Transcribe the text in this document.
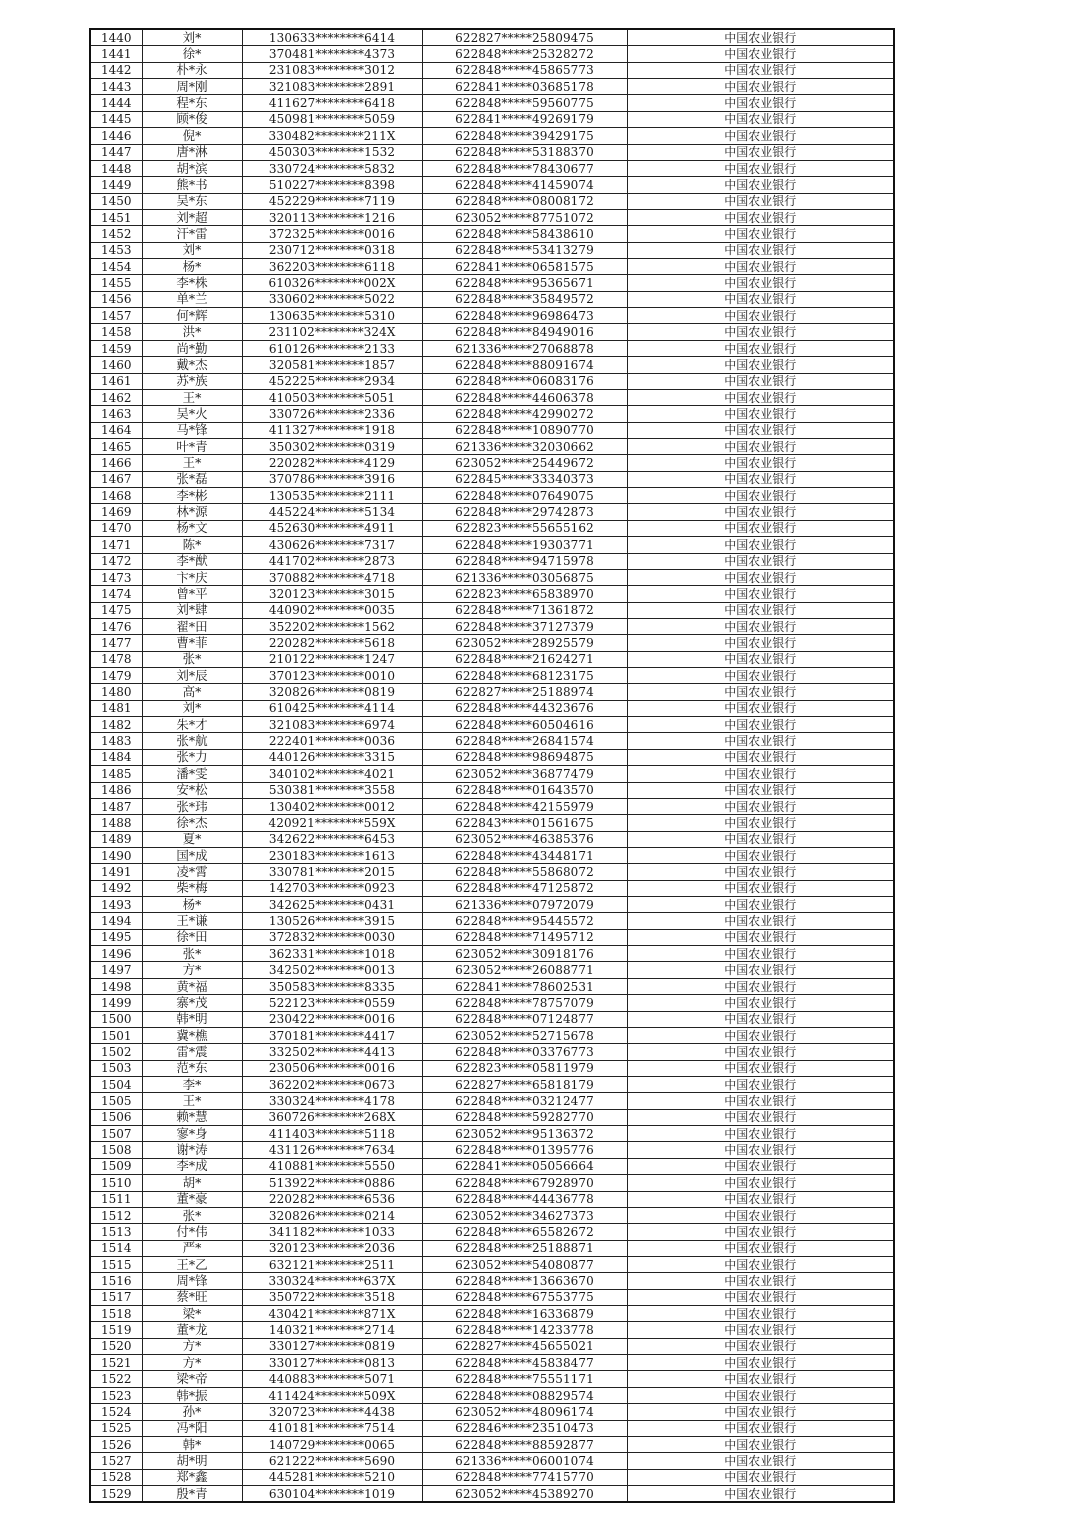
1440	刘*	130633********6414	622827*****25809475	中国农业银行
1441	徐*	370481********4373	622848*****25328272	中国农业银行
1442	朴*永	231083********3012	622848*****45865773	中国农业银行
1443	周*刚	321083********2891	622841*****03685178	中国农业银行
1444	程*东	411627********6418	622848*****59560775	中国农业银行
1445	顾*俊	450981********5059	622841*****49269179	中国农业银行
1446	倪*	330482********211X	622848*****39429175	中国农业银行
1447	唐*淋	450303********1532	622848*****53188370	中国农业银行
1448	胡*滨	330724********5832	622848*****78430677	中国农业银行
1449	熊*书	510227********8398	622848*****41459074	中国农业银行
1450	吴*东	452229********7119	622848*****08008172	中国农业银行
1451	刘*超	320113********1216	623052*****87751072	中国农业银行
1452	汗*雷	372325********0016	622848*****58438610	中国农业银行
1453	刘*	230712********0318	622848*****53413279	中国农业银行
1454	杨*	362203********6118	622841*****06581575	中国农业银行
1455	李*株	610326********002X	622848*****95365671	中国农业银行
1456	单*兰	330602********5022	622848*****35849572	中国农业银行
1457	何*辉	130635********5310	622848*****96986473	中国农业银行
1458	洪*	231102********324X	622848*****84949016	中国农业银行
1459	尚*勤	610126********2133	621336*****27068878	中国农业银行
1460	戴*杰	320581********1857	622848*****88091674	中国农业银行
1461	苏*族	452225********2934	622848*****06083176	中国农业银行
1462	王*	410503********5051	622848*****44606378	中国农业银行
1463	吴*火	330726********2336	622848*****42990272	中国农业银行
1464	马*锋	411327********1918	622848*****10890770	中国农业银行
1465	叶*青	350302********0319	621336*****32030662	中国农业银行
1466	王*	220282********4129	623052*****25449672	中国农业银行
1467	张*磊	370786********3916	622845*****33340373	中国农业银行
1468	李*彬	130535********2111	622848*****07649075	中国农业银行
1469	林*源	445224********5134	622848*****29742873	中国农业银行
1470	杨*文	452630********4911	622823*****55655162	中国农业银行
1471	陈*	430626********7317	622848*****19303771	中国农业银行
1472	李*猷	441702********2873	622848*****94715978	中国农业银行
1473	卞*庆	370882********4718	621336*****03056875	中国农业银行
1474	曾*平	320123********3015	622823*****65838970	中国农业银行
1475	刘*肆	440902********0035	622848*****71361872	中国农业银行
1476	翟*田	352202********1562	622848*****37127379	中国农业银行
1477	曹*菲	220282********5618	623052*****28925579	中国农业银行
1478	张*	210122********1247	622848*****21624271	中国农业银行
1479	刘*辰	370123********0010	622848*****68123175	中国农业银行
1480	高*	320826********0819	622827*****25188974	中国农业银行
1481	刘*	610425********4114	622848*****44323676	中国农业银行
1482	朱*才	321083********6974	622848*****60504616	中国农业银行
1483	张*航	222401********0036	622848*****26841574	中国农业银行
1484	张*力	440126********3315	622848*****98694875	中国农业银行
1485	潘*雯	340102********4021	623052*****36877479	中国农业银行
1486	安*松	530381********3558	622848*****01643570	中国农业银行
1487	张*玮	130402********0012	622848*****42155979	中国农业银行
1488	徐*杰	420921********559X	622843*****01561675	中国农业银行
1489	夏*	342622********6453	623052*****46385376	中国农业银行
1490	国*成	230183********1613	622848*****43448171	中国农业银行
1491	凌*霄	330781********2015	622848*****55868072	中国农业银行
1492	柴*梅	142703********0923	622848*****47125872	中国农业银行
1493	杨*	342625********0431	621336*****07972079	中国农业银行
1494	王*谦	130526********3915	622848*****95445572	中国农业银行
1495	徐*田	372832********0030	622848*****71495712	中国农业银行
1496	张*	362331********1018	623052*****30918176	中国农业银行
1497	方*	342502********0013	623052*****26088771	中国农业银行
1498	黄*福	350583********8335	622841*****78602531	中国农业银行
1499	寨*茂	522123********0559	622848*****78757079	中国农业银行
1500	韩*明	230422********0016	622848*****07124877	中国农业银行
1501	冀*樵	370181********4417	623052*****52715678	中国农业银行
1502	雷*震	332502********4413	622848*****03376773	中国农业银行
1503	范*东	230506********0016	622823*****05811979	中国农业银行
1504	李*	362202********0673	622827*****65818179	中国农业银行
1505	王*	330324********4178	622848*****03212477	中国农业银行
1506	赖*慧	360726********268X	622848*****59282770	中国农业银行
1507	寥*身	411403********5118	623052*****95136372	中国农业银行
1508	谢*涛	431126********7634	622848*****01395776	中国农业银行
1509	李*成	410881********5550	622841*****05056664	中国农业银行
1510	胡*	513922********0886	622848*****67928970	中国农业银行
1511	董*豪	220282********6536	622848*****44436778	中国农业银行
1512	张*	320826********0214	623052*****34627373	中国农业银行
1513	付*伟	341182********1033	622848*****65582672	中国农业银行
1514	严*	320123********2036	622848*****25188871	中国农业银行
1515	王*乙	632121********2511	623052*****54080877	中国农业银行
1516	周*锋	330324********637X	622848*****13663670	中国农业银行
1517	蔡*旺	350722********3518	622848*****67553775	中国农业银行
1518	梁*	430421********871X	622848*****16336879	中国农业银行
1519	董*龙	140321********2714	622848*****14233778	中国农业银行
1520	方*	330127********0819	622827*****45655021	中国农业银行
1521	方*	330127********0813	622848*****45838477	中国农业银行
1522	梁*帝	440883********5071	622848*****75551171	中国农业银行
1523	韩*振	411424********509X	622848*****08829574	中国农业银行
1524	孙*	320723********4438	623052*****48096174	中国农业银行
1525	冯*阳	410181********7514	622846*****23510473	中国农业银行
1526	韩*	140729********0065	622848*****88592877	中国农业银行
1527	胡*明	621222********5690	621336*****06001074	中国农业银行
1528	郑*鑫	445281********5210	622848*****77415770	中国农业银行
1529	殷*青	630104********1019	623052*****45389270	中国农业银行
